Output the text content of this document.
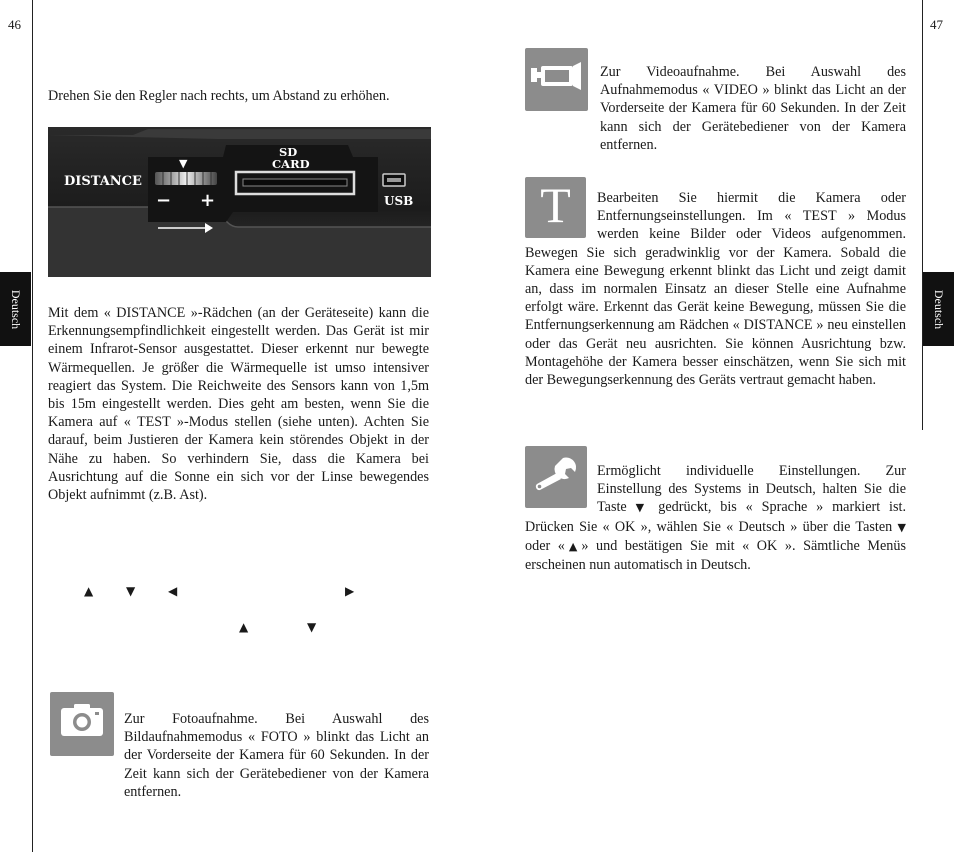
46
Deutsch
Drehen Sie den Regler nach rechts, um Abstand zu erhöhen.
DISTANCE
▼
− +
SD
CARD
USB
Mit dem « DISTANCE »-Rädchen (an der Geräteseite) kann die Erkennungsempfindlichkeit eingestellt werden. Das Gerät ist mir einem Infrarot-Sensor ausgestattet. Dieser erkennt nur bewegte Wärmequellen. Je größer die Wärmequelle ist umso intensiver reagiert das System. Die Reichweite des Sensors kann von 1,5m bis 15m eingestellt werden. Dies geht am besten, wenn Sie die Kamera auf « TEST »-Modus stellen (siehe unten). Achten Sie darauf, beim Justieren der Kamera kein störendes Objekt in der Nähe zu haben. So verhindern Sie, dass die Kamera bei Ausrichtung auf die Sonne ein sich vor der Linse bewegendes Objekt aufnimmt (z.B. Ast).
▲	▼	◀	▶
▲	▼
Zur Fotoaufnahme. Bei Auswahl des Bildaufnahmemodus « FOTO » blinkt das Licht an der Vorderseite der Kamera für 60 Sekunden. In der Zeit kann sich der Gerätebediener von der Kamera entfernen.
47
Deutsch
Zur Videoaufnahme. Bei Auswahl des Aufnahmemodus « VIDEO » blinkt das Licht an der Vorderseite der Kamera für 60 Sekunden. In der Zeit kann sich der Gerätebediener von der Kamera entfernen.
T	Bearbeiten Sie hiermit die Kamera oder Entfernungseinstellungen. Im « TEST » Modus werden keine Bilder oder Videos aufgenommen. Bewegen Sie sich geradwinklig vor der Kamera. Sobald die Kamera eine Bewegung erkennt blinkt das Licht und zeigt damit an, dass im normalen Einsatz an dieser Stelle eine Aufnahme erfolgt wäre. Erkennt das Gerät keine Bewegung, müssen Sie die Entfernungserkennung am Rädchen « DISTANCE » neu einstellen oder das Gerät neu ausrichten. Sie können Ausrichtung bzw. Montagehöhe der Kamera besser einschätzen, wenn Sie sich mit der Bewegungserkennung des Geräts vertraut gemacht haben.
Ermöglicht individuelle Einstellungen. Zur Einstellung des Systems in Deutsch, halten Sie die Taste ▼ gedrückt, bis « Sprache » markiert ist. Drücken Sie « OK », wählen Sie « Deutsch » über die Tasten ▼ oder «▲» und bestätigen Sie mit « OK ». Sämtliche Menüs erscheinen nun automatisch in Deutsch.
